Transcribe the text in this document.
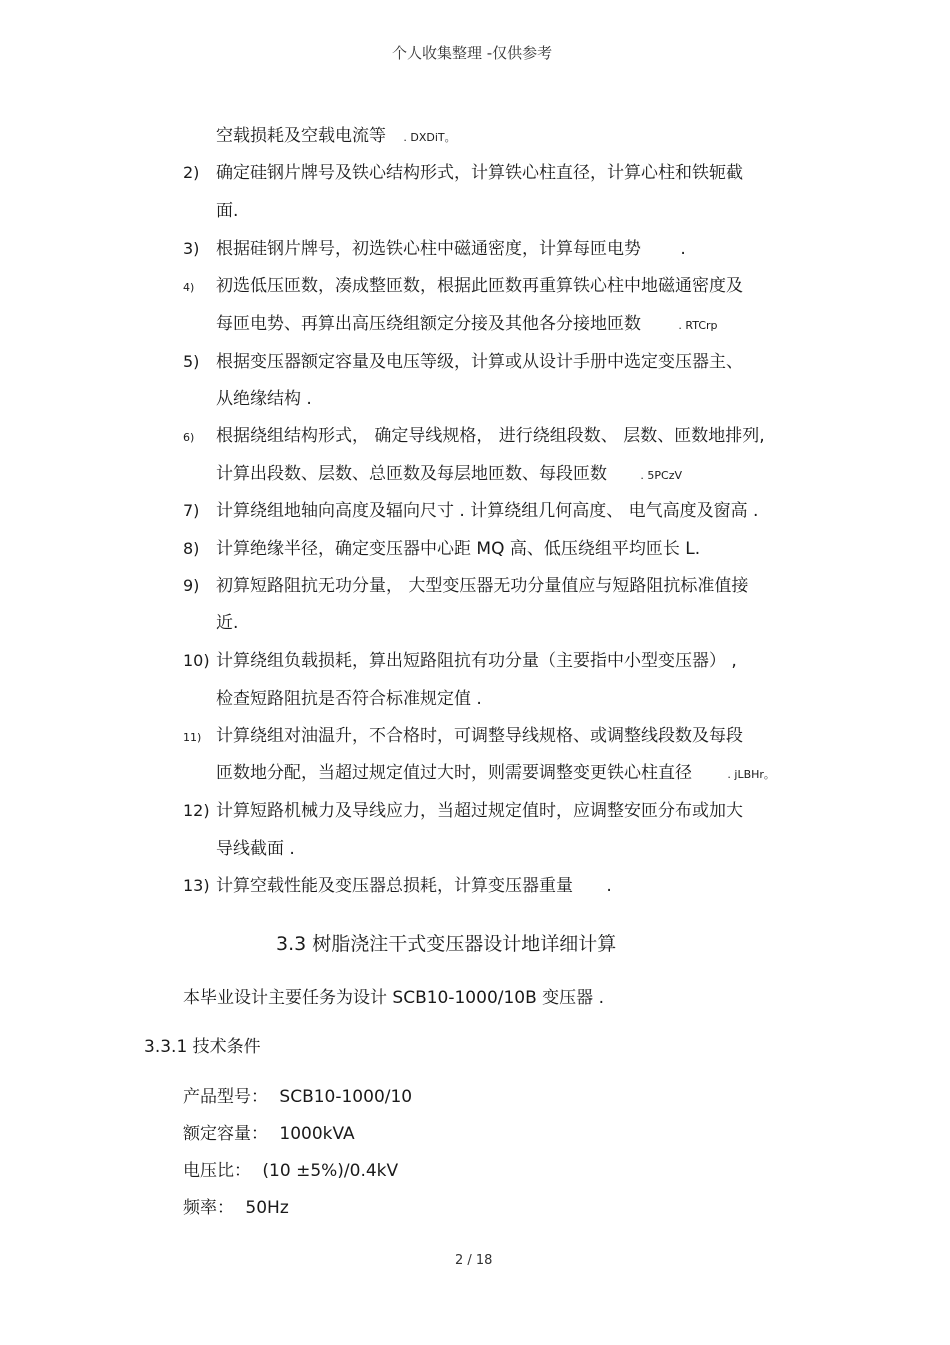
个人收集整理 -仅供参考
空载损耗及空载电流等 . DXDiT。
2) 确定硅钢片牌号及铁心结构形式，计算铁心柱直径，计算心柱和铁轭截
面.
3) 根据硅钢片牌号，初选铁心柱中磁通密度，计算每匝电势 .
4) 初选低压匝数，凑成整匝数，根据此匝数再重算铁心柱中地磁通密度及
每匝电势、再算出高压绕组额定分接及其他各分接地匝数	. RTCrp
5) 根据变压器额定容量及电压等级，计算或从设计手册中选定变压器主、
从绝缘结构 .
6) 根据绕组结构形式， 确定导线规格， 进行绕组段数、 层数、匝数地排列,
计算出段数、层数、总匝数及每层地匝数、每段匝数	. 5PCzV
7) 计算绕组地轴向高度及辐向尺寸 . 计算绕组几何高度、 电气高度及窗高 .
8) 计算绝缘半径，确定变压器中心距 MQ 高、低压绕组平均匝长 L.
9) 初算短路阻抗无功分量， 大型变压器无功分量值应与短路阻抗标准值接
近.
10) 计算绕组负载损耗，算出短路阻抗有功分量（主要指中小型变压器） ,
检查短路阻抗是否符合标准规定值 .
11) 计算绕组对油温升，不合格时，可调整导线规格、或调整线段数及每段
匝数地分配，当超过规定值过大时，则需要调整变更铁心柱直径	. jLBHr。
12) 计算短路机械力及导线应力，当超过规定值时，应调整安匝分布或加大
导线截面 .
13) 计算空载性能及变压器总损耗，计算变压器重量 .
3.3 树脂浇注干式变压器设计地详细计算
本毕业设计主要任务为设计 SCB10-1000/10B 变压器 .
3.3.1 技术条件
产品型号： SCB10-1000/10
额定容量： 1000kVA
电压比： (10 ±5%)/0.4kV
频率： 50Hz
2 / 18
